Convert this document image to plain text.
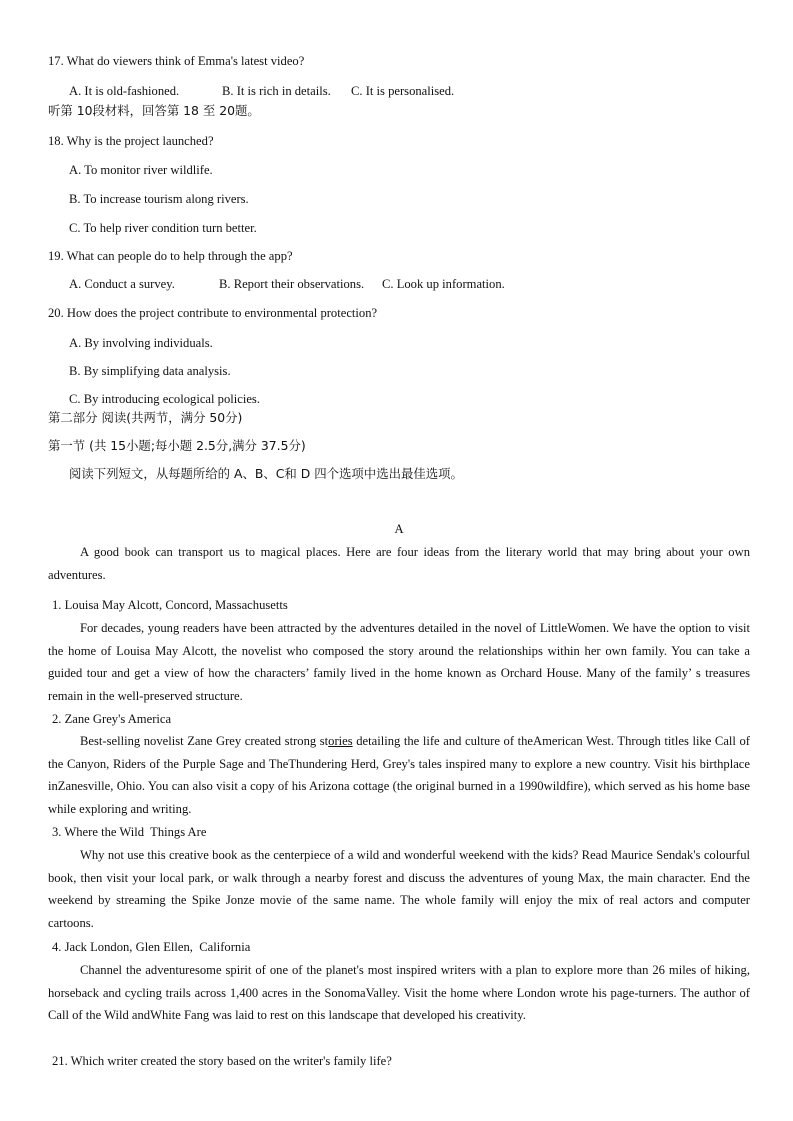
17. What do viewers think of Emma's latest video?
A. It is old-fashioned.	B. It is rich in details. C. It is personalised.
听第 10段材料，回答第 18 至 20题。
18. Why is the project launched?
A. To monitor river wildlife.
B. To increase tourism along rivers.
C. To help river condition turn better.
19. What can people do to help through the app?
A. Conduct a survey.	B. Report their observations. C. Look up information.
20. How does the project contribute to environmental protection?
A. By involving individuals.
B. By simplifying data analysis.
C. By introducing ecological policies.
第二部分 阅读(共两节，满分 50分)
第一节 (共 15小题;每小题 2.5分,满分 37.5分)
阅读下列短文，从每题所给的 A、B、C和 D 四个选项中选出最佳选项。
A
A good book can transport us to magical places. Here are four ideas from the literary world that may bring about your own adventures.
1. Louisa May Alcott, Concord, Massachusetts
For decades, young readers have been attracted by the adventures detailed in the novel of LittleWomen. We have the option to visit the home of Louisa May Alcott, the novelist who composed the story around the relationships within her own family. You can take a guided tour and get a view of how the characters’ family lived in the home known as Orchard House. Many of the family’ s treasures remain in the well-preserved structure.
2. Zane Grey's America
Best-selling novelist Zane Grey created strong stories detailing the life and culture of theAmerican West. Through titles like Call of the Canyon, Riders of the Purple Sage and TheThundering Herd, Grey's tales inspired many to explore a new country. Visit his birthplace inZanesville, Ohio. You can also visit a copy of his Arizona cottage (the original burned in a 1990wildfire), which served as his home base while exploring and writing.
3. Where the Wild  Things Are
Why not use this creative book as the centerpiece of a wild and wonderful weekend with the kids? Read Maurice Sendak's colourful book, then visit your local park, or walk through a nearby forest and discuss the adventures of young Max, the main character. End the weekend by streaming the Spike Jonze movie of the same name. The whole family will enjoy the mix of real actors and computer cartoons.
4. Jack London, Glen Ellen,  California
Channel the adventuresome spirit of one of the planet's most inspired writers with a plan to explore more than 26 miles of hiking, horseback and cycling trails across 1,400 acres in the SonomaValley. Visit the home where London wrote his page-turners. The author of Call of the Wild andWhite Fang was laid to rest on this landscape that developed his creativity.
21. Which writer created the story based on the writer's family life?
